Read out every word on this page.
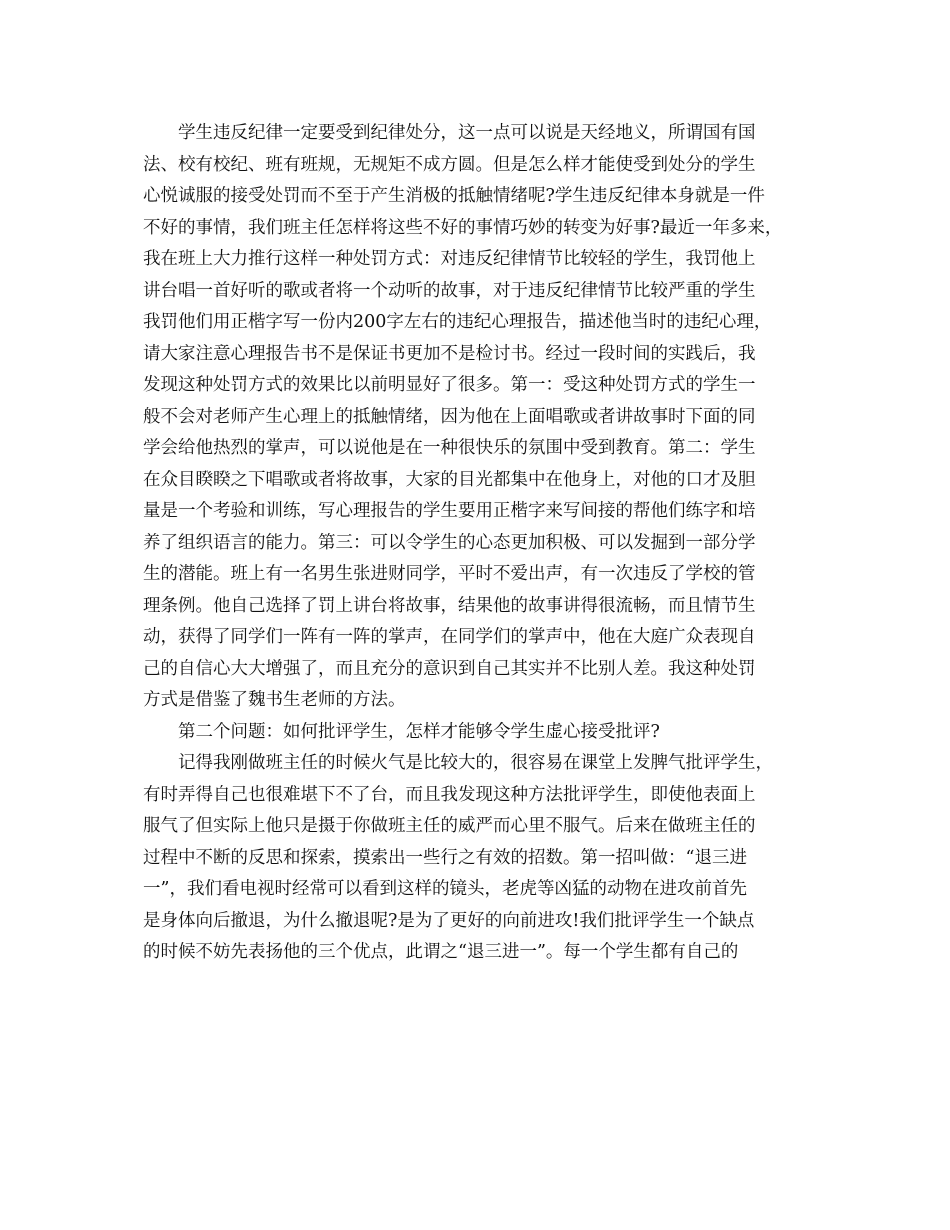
学生违反纪律一定要受到纪律处分，这一点可以说是天经地义，所谓国有国
法、校有校纪、班有班规，无规矩不成方圆。但是怎么样才能使受到处分的学生
心悦诚服的接受处罚而不至于产生消极的抵触情绪呢?学生违反纪律本身就是一件
不好的事情，我们班主任怎样将这些不好的事情巧妙的转变为好事?最近一年多来，
我在班上大力推行这样一种处罚方式：对违反纪律情节比较轻的学生，我罚他上
讲台唱一首好听的歌或者将一个动听的故事，对于违反纪律情节比较严重的学生
我罚他们用正楷字写一份内200字左右的违纪心理报告，描述他当时的违纪心理，
请大家注意心理报告书不是保证书更加不是检讨书。经过一段时间的实践后，我
发现这种处罚方式的效果比以前明显好了很多。第一：受这种处罚方式的学生一
般不会对老师产生心理上的抵触情绪，因为他在上面唱歌或者讲故事时下面的同
学会给他热烈的掌声，可以说他是在一种很快乐的氛围中受到教育。第二：学生
在众目睽睽之下唱歌或者将故事，大家的目光都集中在他身上，对他的口才及胆
量是一个考验和训练，写心理报告的学生要用正楷字来写间接的帮他们练字和培
养了组织语言的能力。第三：可以令学生的心态更加积极、可以发掘到一部分学
生的潜能。班上有一名男生张进财同学，平时不爱出声，有一次违反了学校的管
理条例。他自己选择了罚上讲台将故事，结果他的故事讲得很流畅，而且情节生
动，获得了同学们一阵有一阵的掌声，在同学们的掌声中，他在大庭广众表现自
己的自信心大大增强了，而且充分的意识到自己其实并不比别人差。我这种处罚
方式是借鉴了魏书生老师的方法。
第二个问题：如何批评学生，怎样才能够令学生虚心接受批评?
记得我刚做班主任的时候火气是比较大的，很容易在课堂上发脾气批评学生，
有时弄得自己也很难堪下不了台，而且我发现这种方法批评学生，即使他表面上
服气了但实际上他只是摄于你做班主任的威严而心里不服气。后来在做班主任的
过程中不断的反思和探索，摸索出一些行之有效的招数。第一招叫做：“退三进
一”，我们看电视时经常可以看到这样的镜头，老虎等凶猛的动物在进攻前首先
是身体向后撤退，为什么撤退呢?是为了更好的向前进攻!我们批评学生一个缺点
的时候不妨先表扬他的三个优点，此谓之“退三进一”。每一个学生都有自己的
